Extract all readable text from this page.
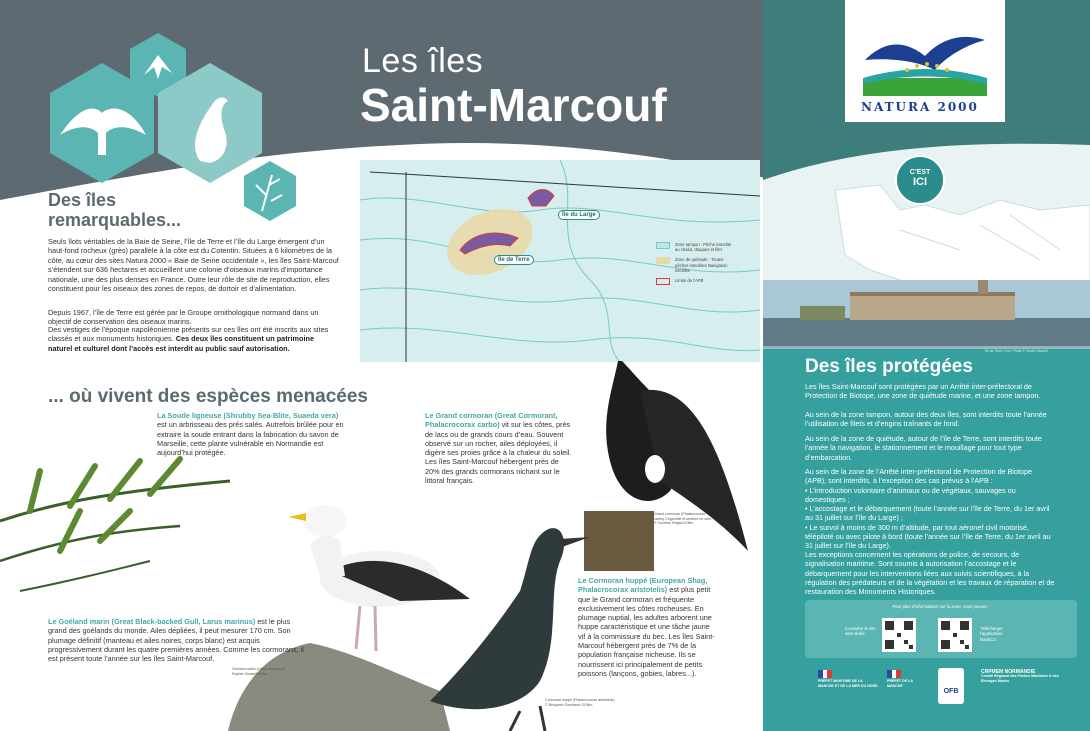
NATURA 2000
C’EST
ICI
Les îles
Saint-Marcouf
Des îles remarquables...
Seuls îlots véritables de la Baie de Seine, l’île de Terre et l’île du Large émergent d’un haut-fond rocheux (grès) parallèle à la côte est du Cotentin. Situées à 6 kilomètres de la côte, au cœur des sites Natura 2000 « Baie de Seine occidentale », les îles Saint-Marcouf s’étendent sur 636 hectares et accueillent une colonie d’oiseaux marins d’importance nationale, une des plus denses en France. Outre leur rôle de site de reproduction, elles constituent pour les oiseaux des zones de repos, de dortoir et d’alimentation.
Depuis 1967, l’île de Terre est gérée par le Groupe ornithologique normand dans un objectif de conservation des oiseaux marins.
Des vestiges de l’époque napoléonienne présents sur ces îles ont été inscrits aux sites classés et aux monuments historiques. Ces deux îles constituent un patrimoine naturel et culturel dont l’accès est interdit au public sauf autorisation.
Île du Large
Île de Terre
Zone tampon : Pêche interdite au chalut, dragues et filet
Zone de quiétude : Toutes pêches interdites Navigation interdite
Limite de l’APB
... où vivent des espèces menacées
La Soude ligneuse (Shrubby Sea-Blite, Suaeda vera) est un arbrisseau des prés salés. Autrefois brûlée pour en extraire la soude entrant dans la fabrication du savon de Marseille, cette plante vulnérable en Normandie est aujourd’hui protégée.
Le Grand cormoran (Great Cormorant, Phalacrocorax carbo) vit sur les côtes, près de lacs ou de grands cours d’eau. Souvent observé sur un rocher, ailes déployées, il digère ses proies grâce à la chaleur du soleil. Les îles Saint-Marcouf hébergent près de 20% des grands cormorans nichant sur le littoral français.
Le Goéland marin (Great Black-backed Gull, Larus marinus) est le plus grand des goélands du monde. Ailes dépliées, il peut mesurer 170 cm. Son plumage définitif (manteau et ailes noires, corps blanc) est acquis progressivement durant les quatre premières années. Comme les cormorans, il est présent toute l’année sur les îles Saint-Marcouf.
Le Cormoran huppé (European Shag, Phalacrocorax aristotelis) est plus petit que le Grand cormoran et fréquente exclusivement les côtes rocheuses. En plumage nuptial, les adultes arborent une huppe caractéristique et une tâche jaune vif à la commissure du bec. Les îles Saint-Marcouf hébergent près de 7% de la population française nicheuse. Ils se nourrissent ici principalement de petits poissons (lançons, gobies, labres...).
Grand cormoran (Phalacrocorax carbo) Cégeurillé et drôlière un cher. © Cordelle Régis/GONm
Goéland marin (Larus marinus) © Raphie Ginais/GONm
Cormoran huppé (Phalacrocorax aristotelis) © Benjamin Gombault GONm
Île de Terre, Fort. Photo © Xavier Maurel
Des îles protégées
Les îles Saint-Marcouf sont protégées par un Arrêté inter-préfectoral de Protection de Biotope, une zone de quiétude marine, et une zone tampon.
Au sein de la zone tampon, autour des deux îles, sont interdits toute l’année l’utilisation de filets et d’engins traînants de fond.
Au sein de la zone de quiétude, autour de l’île de Terre, sont interdits toute l’année la navigation, le stationnement et le mouillage pour tout type d’embarcation.
Au sein de la zone de l’Arrêté inter-préfectoral de Protection de Biotope (APB), sont interdits, à l’exception des cas prévus à l’APB :
• L’introduction volontaire d’animaux ou de végétaux, sauvages ou domestiques ;
• L’accostage et le débarquement (toute l’année sur l’île de Terre, du 1er avril au 31 juillet sur l’île du Large) ;
• Le survol à moins de 300 m d’altitude, par tout aéronef civil motorisé, télépiloté ou avec pilote à bord (toute l’année sur l’île de Terre, du 1er avril au 31 juillet sur l’île du Large).
Les exceptions concernent les opérations de police, de secours, de signalisation maritime. Sont soumis à autorisation l’accostage et le débarquement pour les interventions liées aux suivis scientifiques, à la régulation des prédateurs et de la végétation et les travaux de réparation et de restauration des Monuments Historiques.
Pour plus d’informations sur la zone, vous pouvez :
Consulter le site web dédié
Télécharger l’application Nav&Co
PRÉFET MARITIME DE LA MANCHE ET DE LA MER DU NORD
PRÉFET DE LA MANCHE
OFB
CRPMEM NORMANDIE
Comité Régional des Pêches Maritimes & des Élevages Marins
